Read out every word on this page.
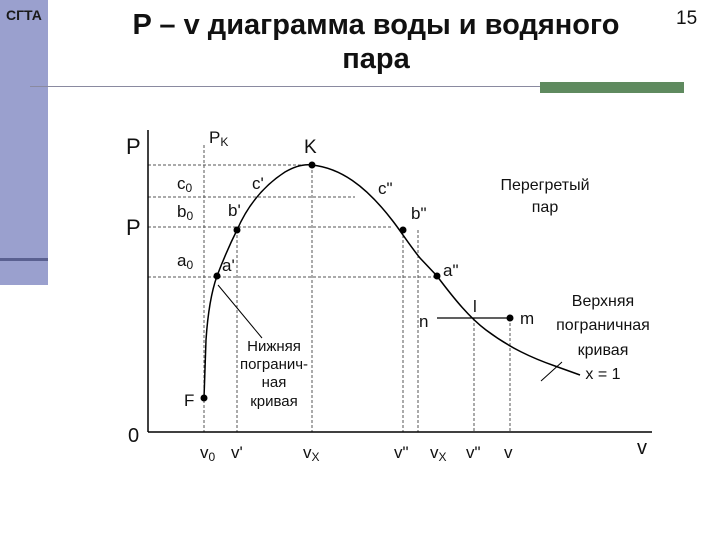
СГТА	P – v диаграмма воды и водяного
пара
15
P
P
0
PK	K
c0
b0
a0
c'
b'
a'
c"
b"
a"
n
l
m
F
Перегретый
пар
Нижняя
погранич-
ная
кривая
Верхняя
пограничная
кривая
x = 1
v0 v'	vX	v" vX v" v	v
